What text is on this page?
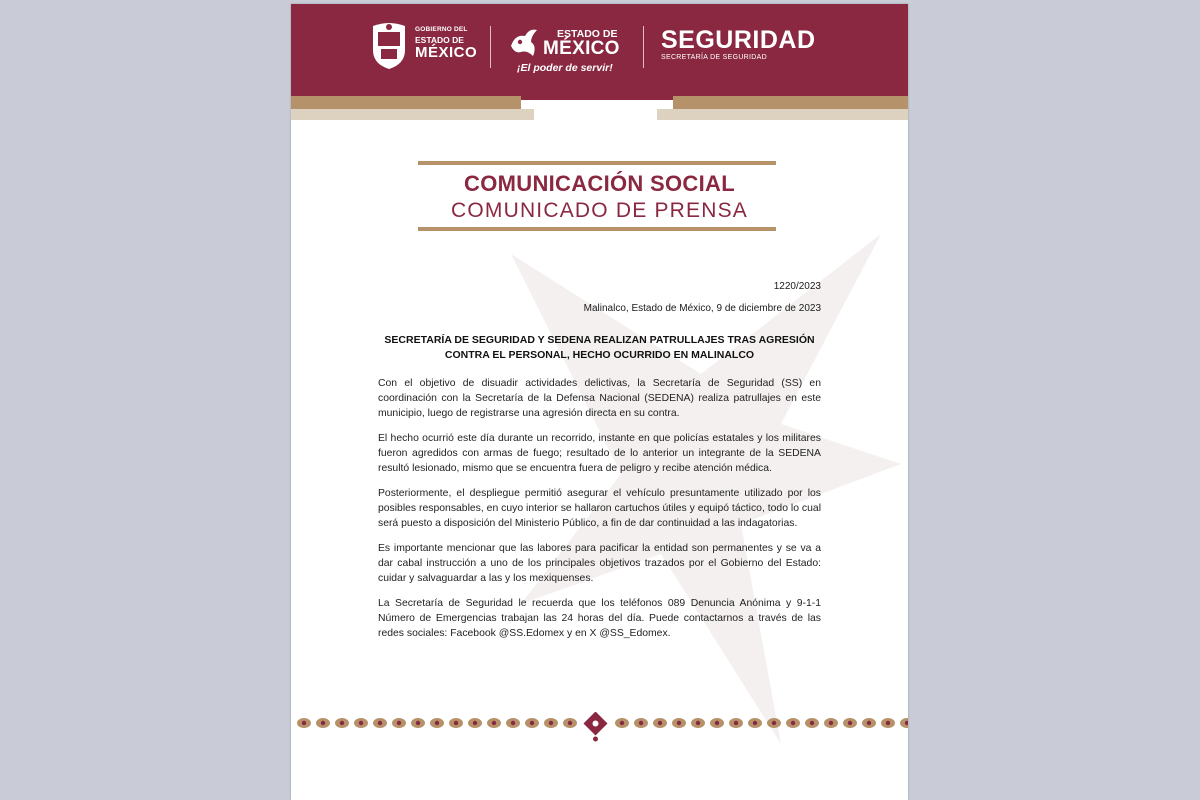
GOBIERNO DEL
ESTADO DE
MÉXICO
ESTADO DE
MÉXICO
¡El poder de servir!
SEGURIDAD
SECRETARÍA DE SEGURIDAD
COMUNICACIÓN SOCIAL
COMUNICADO DE PRENSA
1220/2023
Malinalco, Estado de México, 9 de diciembre de 2023
SECRETARÍA DE SEGURIDAD Y SEDENA REALIZAN PATRULLAJES TRAS AGRESIÓN CONTRA EL PERSONAL, HECHO OCURRIDO EN MALINALCO

Con el objetivo de disuadir actividades delictivas, la Secretaría de Seguridad (SS) en coordinación con la Secretaría de la Defensa Nacional (SEDENA) realiza patrullajes en este municipio, luego de registrarse una agresión directa en su contra.

El hecho ocurrió este día durante un recorrido, instante en que policías estatales y los militares fueron agredidos con armas de fuego; resultado de lo anterior un integrante de la SEDENA resultó lesionado, mismo que se encuentra fuera de peligro y recibe atención médica.

Posteriormente, el despliegue permitió asegurar el vehículo presuntamente utilizado por los posibles responsables, en cuyo interior se hallaron cartuchos útiles y equipó táctico, todo lo cual será puesto a disposición del Ministerio Público, a fin de dar continuidad a las indagatorias.

Es importante mencionar que las labores para pacificar la entidad son permanentes y se va a dar cabal instrucción a uno de los principales objetivos trazados por el Gobierno del Estado: cuidar y salvaguardar a las y los mexiquenses.

La Secretaría de Seguridad le recuerda que los teléfonos 089 Denuncia Anónima y 9-1-1 Número de Emergencias trabajan las 24 horas del día. Puede contactarnos a través de las redes sociales: Facebook @SS.Edomex y en X @SS_Edomex.
